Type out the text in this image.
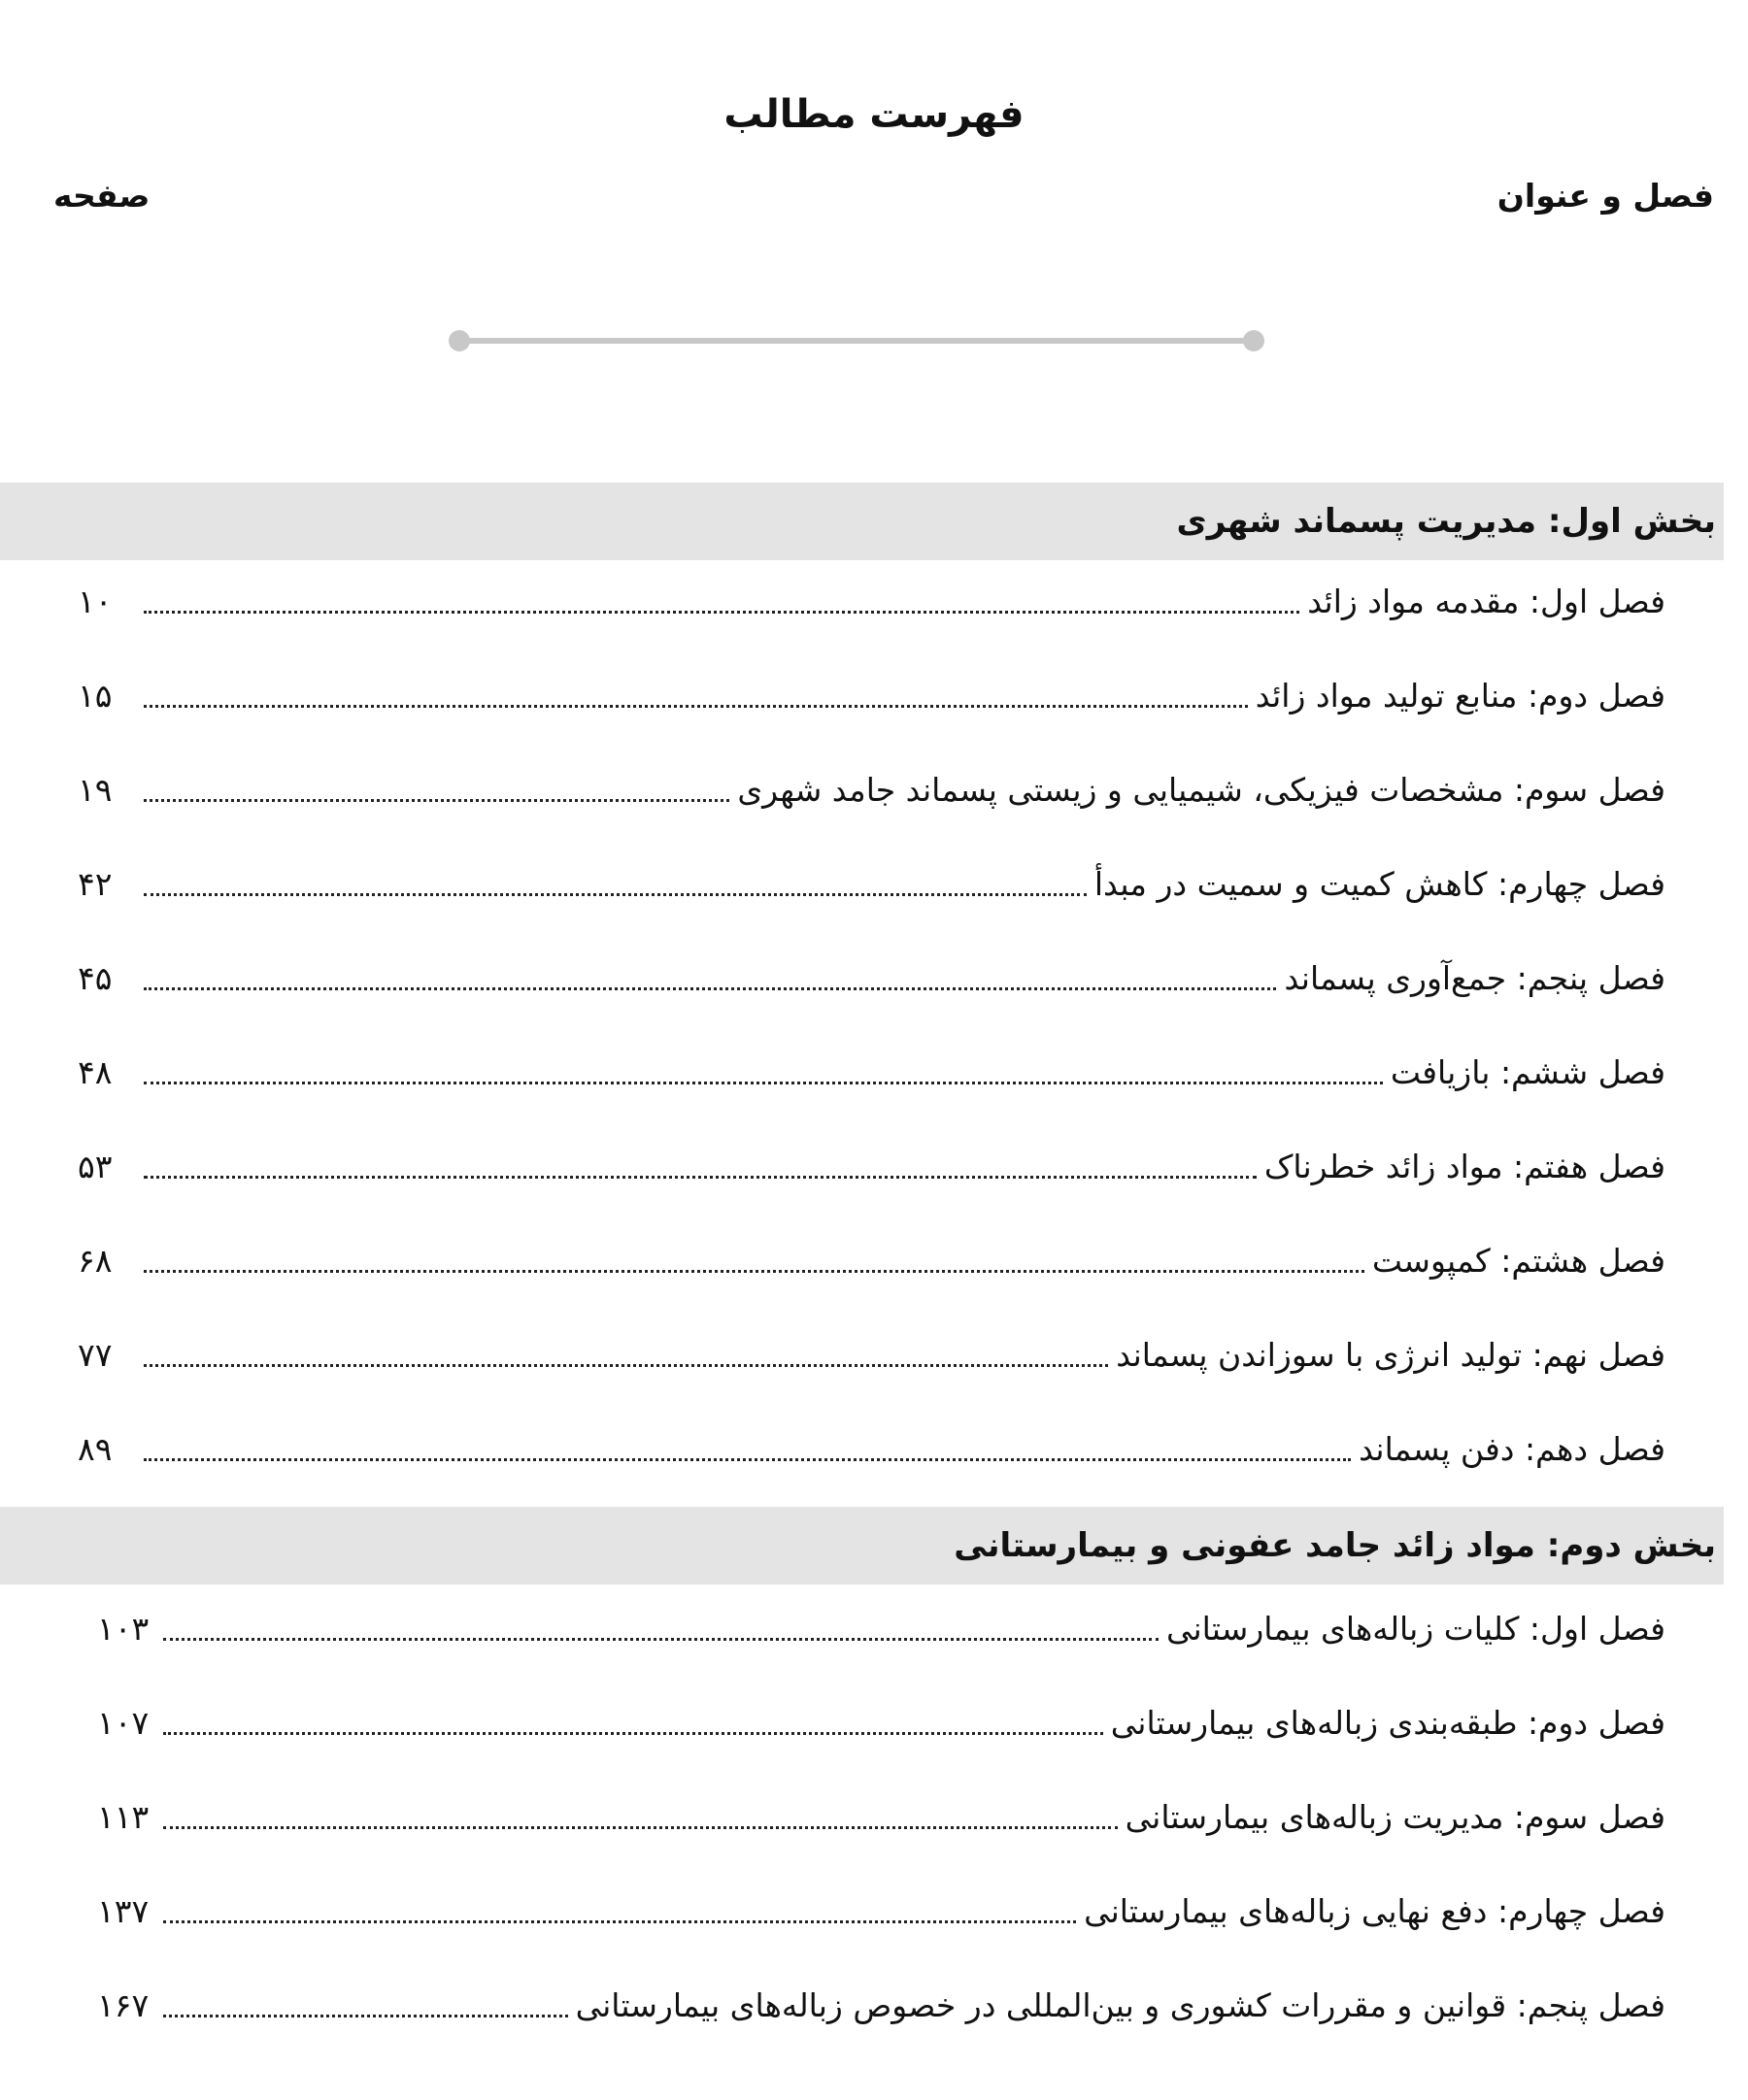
فهرست مطالب
فصل و عنوان
صفحه
بخش اول: مدیریت پسماند شهری
فصل اول: مقدمه مواد زائد
۱۰
فصل دوم: منابع تولید مواد زائد
۱۵
فصل سوم: مشخصات فیزیکی، شیمیایی و زیستی پسماند جامد شهری
۱۹
فصل چهارم: کاهش کمیت و سمیت در مبدأ
۴۲
فصل پنجم: جمع‌آوری پسماند
۴۵
فصل ششم: بازیافت
۴۸
فصل هفتم: مواد زائد خطرناک
۵۳
فصل هشتم: کمپوست
۶۸
فصل نهم: تولید انرژی با سوزاندن پسماند
۷۷
فصل دهم: دفن پسماند
۸۹
بخش دوم: مواد زائد جامد عفونی و بیمارستانی
فصل اول: کلیات زباله‌های بیمارستانی
۱۰۳
فصل دوم: طبقه‌بندی زباله‌های بیمارستانی
۱۰۷
فصل سوم: مدیریت زباله‌های بیمارستانی
۱۱۳
فصل چهارم: دفع نهایی زباله‌های بیمارستانی
۱۳۷
فصل پنجم: قوانین و مقررات کشوری و بین‌المللی در خصوص زباله‌های بیمارستانی
۱۶۷
